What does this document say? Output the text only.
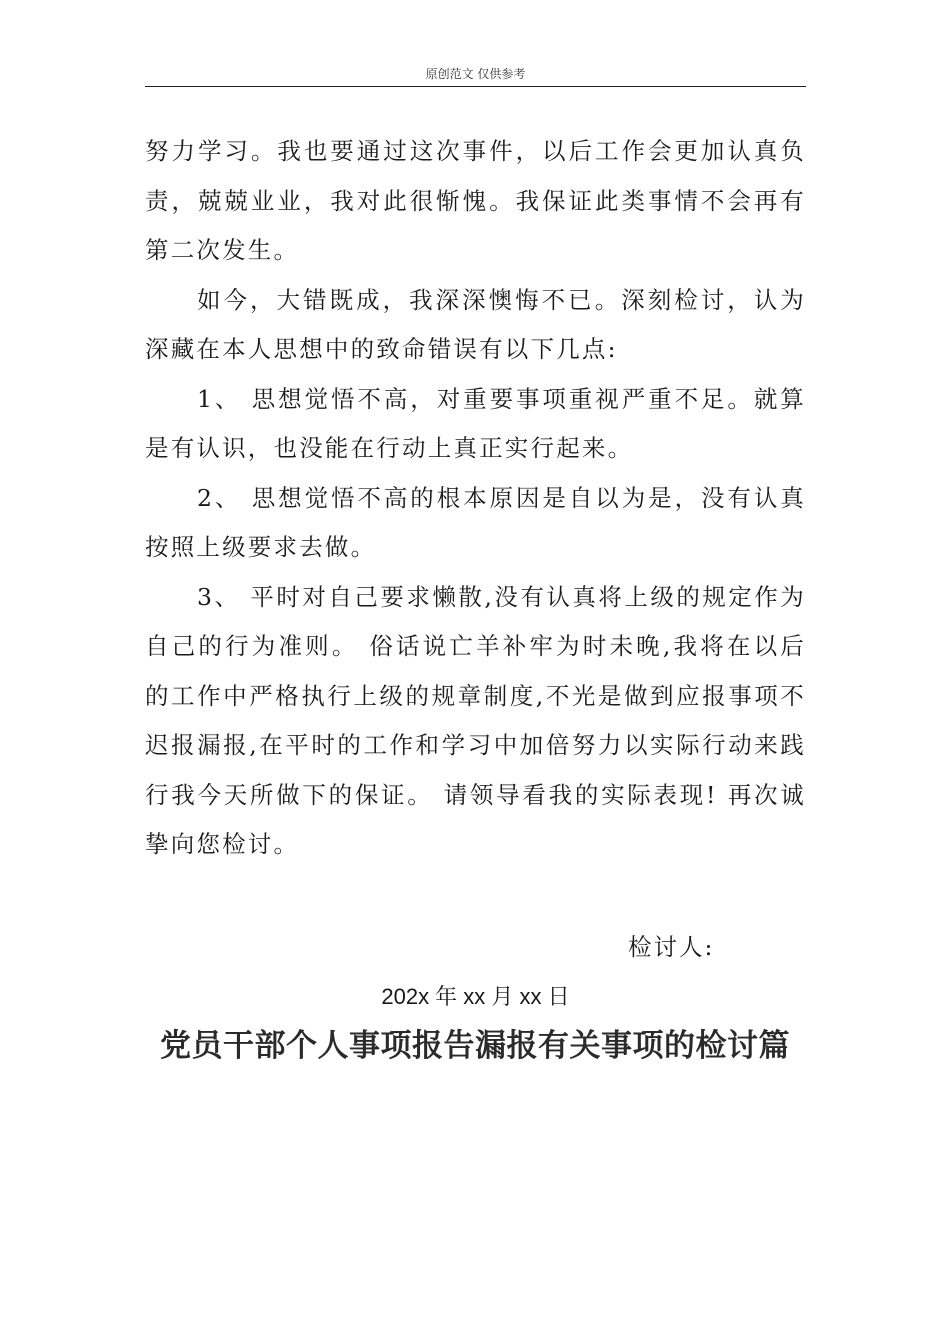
原创范文 仅供参考

努力学习。我也要通过这次事件，以后工作会更加认真负责，兢兢业业，我对此很惭愧。我保证此类事情不会再有第二次发生。

如今，大错既成，我深深懊悔不已。深刻检讨，认为深藏在本人思想中的致命错误有以下几点:

1、 思想觉悟不高，对重要事项重视严重不足。就算是有认识，也没能在行动上真正实行起来。

2、 思想觉悟不高的根本原因是自以为是，没有认真按照上级要求去做。

3、 平时对自己要求懒散,没有认真将上级的规定作为自己的行为准则。 俗话说亡羊补牢为时未晚,我将在以后的工作中严格执行上级的规章制度,不光是做到应报事项不迟报漏报,在平时的工作和学习中加倍努力以实际行动来践行我今天所做下的保证。 请领导看我的实际表现! 再次诚挚向您检讨。

检讨人:
202x 年 xx 月 xx 日
党员干部个人事项报告漏报有关事项的检讨篇
